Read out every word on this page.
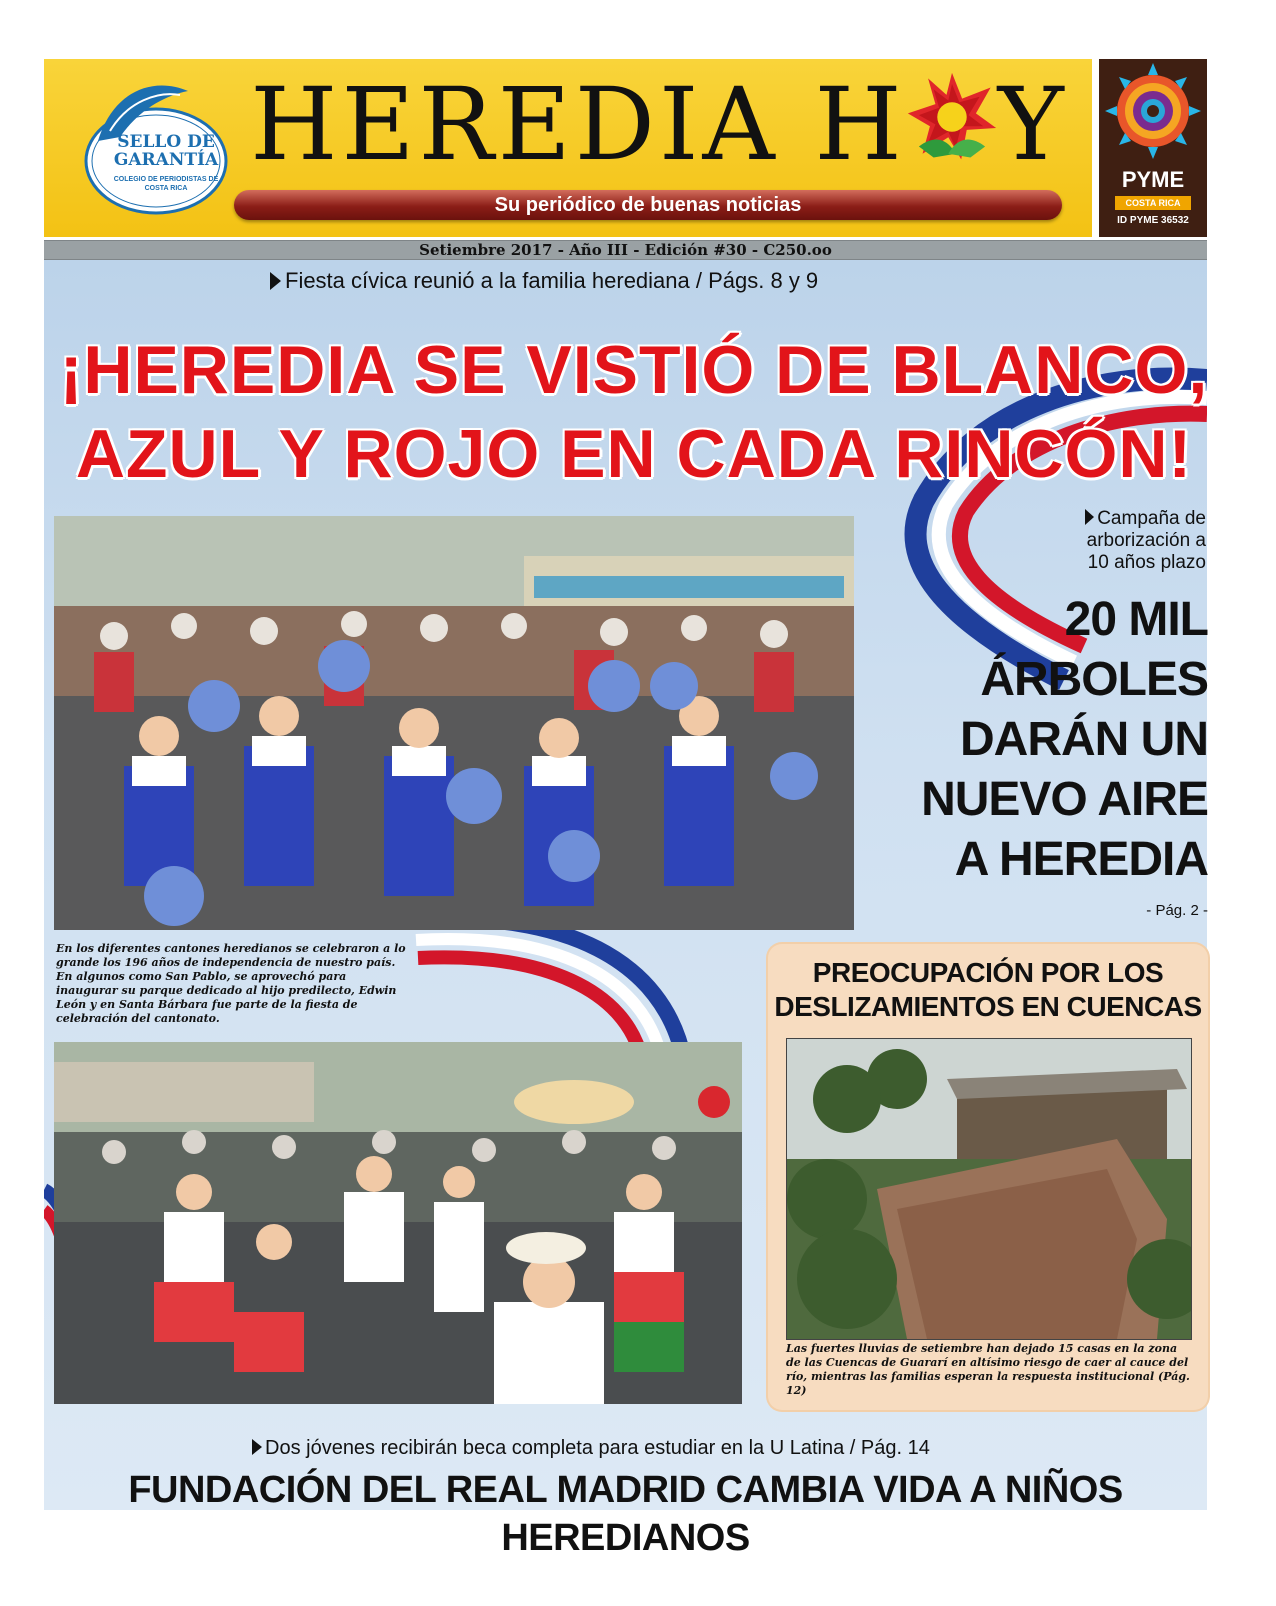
SELLO DE GARANTÍA
COLEGIO DE PERIODISTAS DE COSTA RICA
HEREDIA H Y
Su periódico de buenas noticias
PYME
COSTA RICA
ID PYME 36532
Setiembre 2017 - Año III - Edición #30 - C250.oo
Fiesta cívica reunió a la familia herediana / Págs. 8 y 9
¡HEREDIA SE VISTIÓ DE BLANCO,
AZUL Y ROJO EN CADA RINCÓN!
En los diferentes cantones heredianos se celebraron a lo grande los 196 años de independencia de nuestro país. En algunos como San Pablo, se aprovechó para inaugurar su parque dedicado al hijo predilecto, Edwin León y en Santa Bárbara fue parte de la fiesta de celebración del cantonato.
Campaña de
arborización a
10 años plazo
20 MIL
ÁRBOLES
DARÁN UN
NUEVO AIRE
A HEREDIA
- Pág. 2 -
PREOCUPACIÓN POR LOS
DESLIZAMIENTOS EN CUENCAS
Las fuertes lluvias de setiembre han dejado 15 casas en la zona de las Cuencas de Guararí en altísimo riesgo de caer al cauce del río, mientras las familias esperan la respuesta institucional (Pág. 12)
Dos jóvenes recibirán beca completa para estudiar en la U Latina / Pág. 14
FUNDACIÓN DEL REAL MADRID CAMBIA VIDA A NIÑOS HEREDIANOS
